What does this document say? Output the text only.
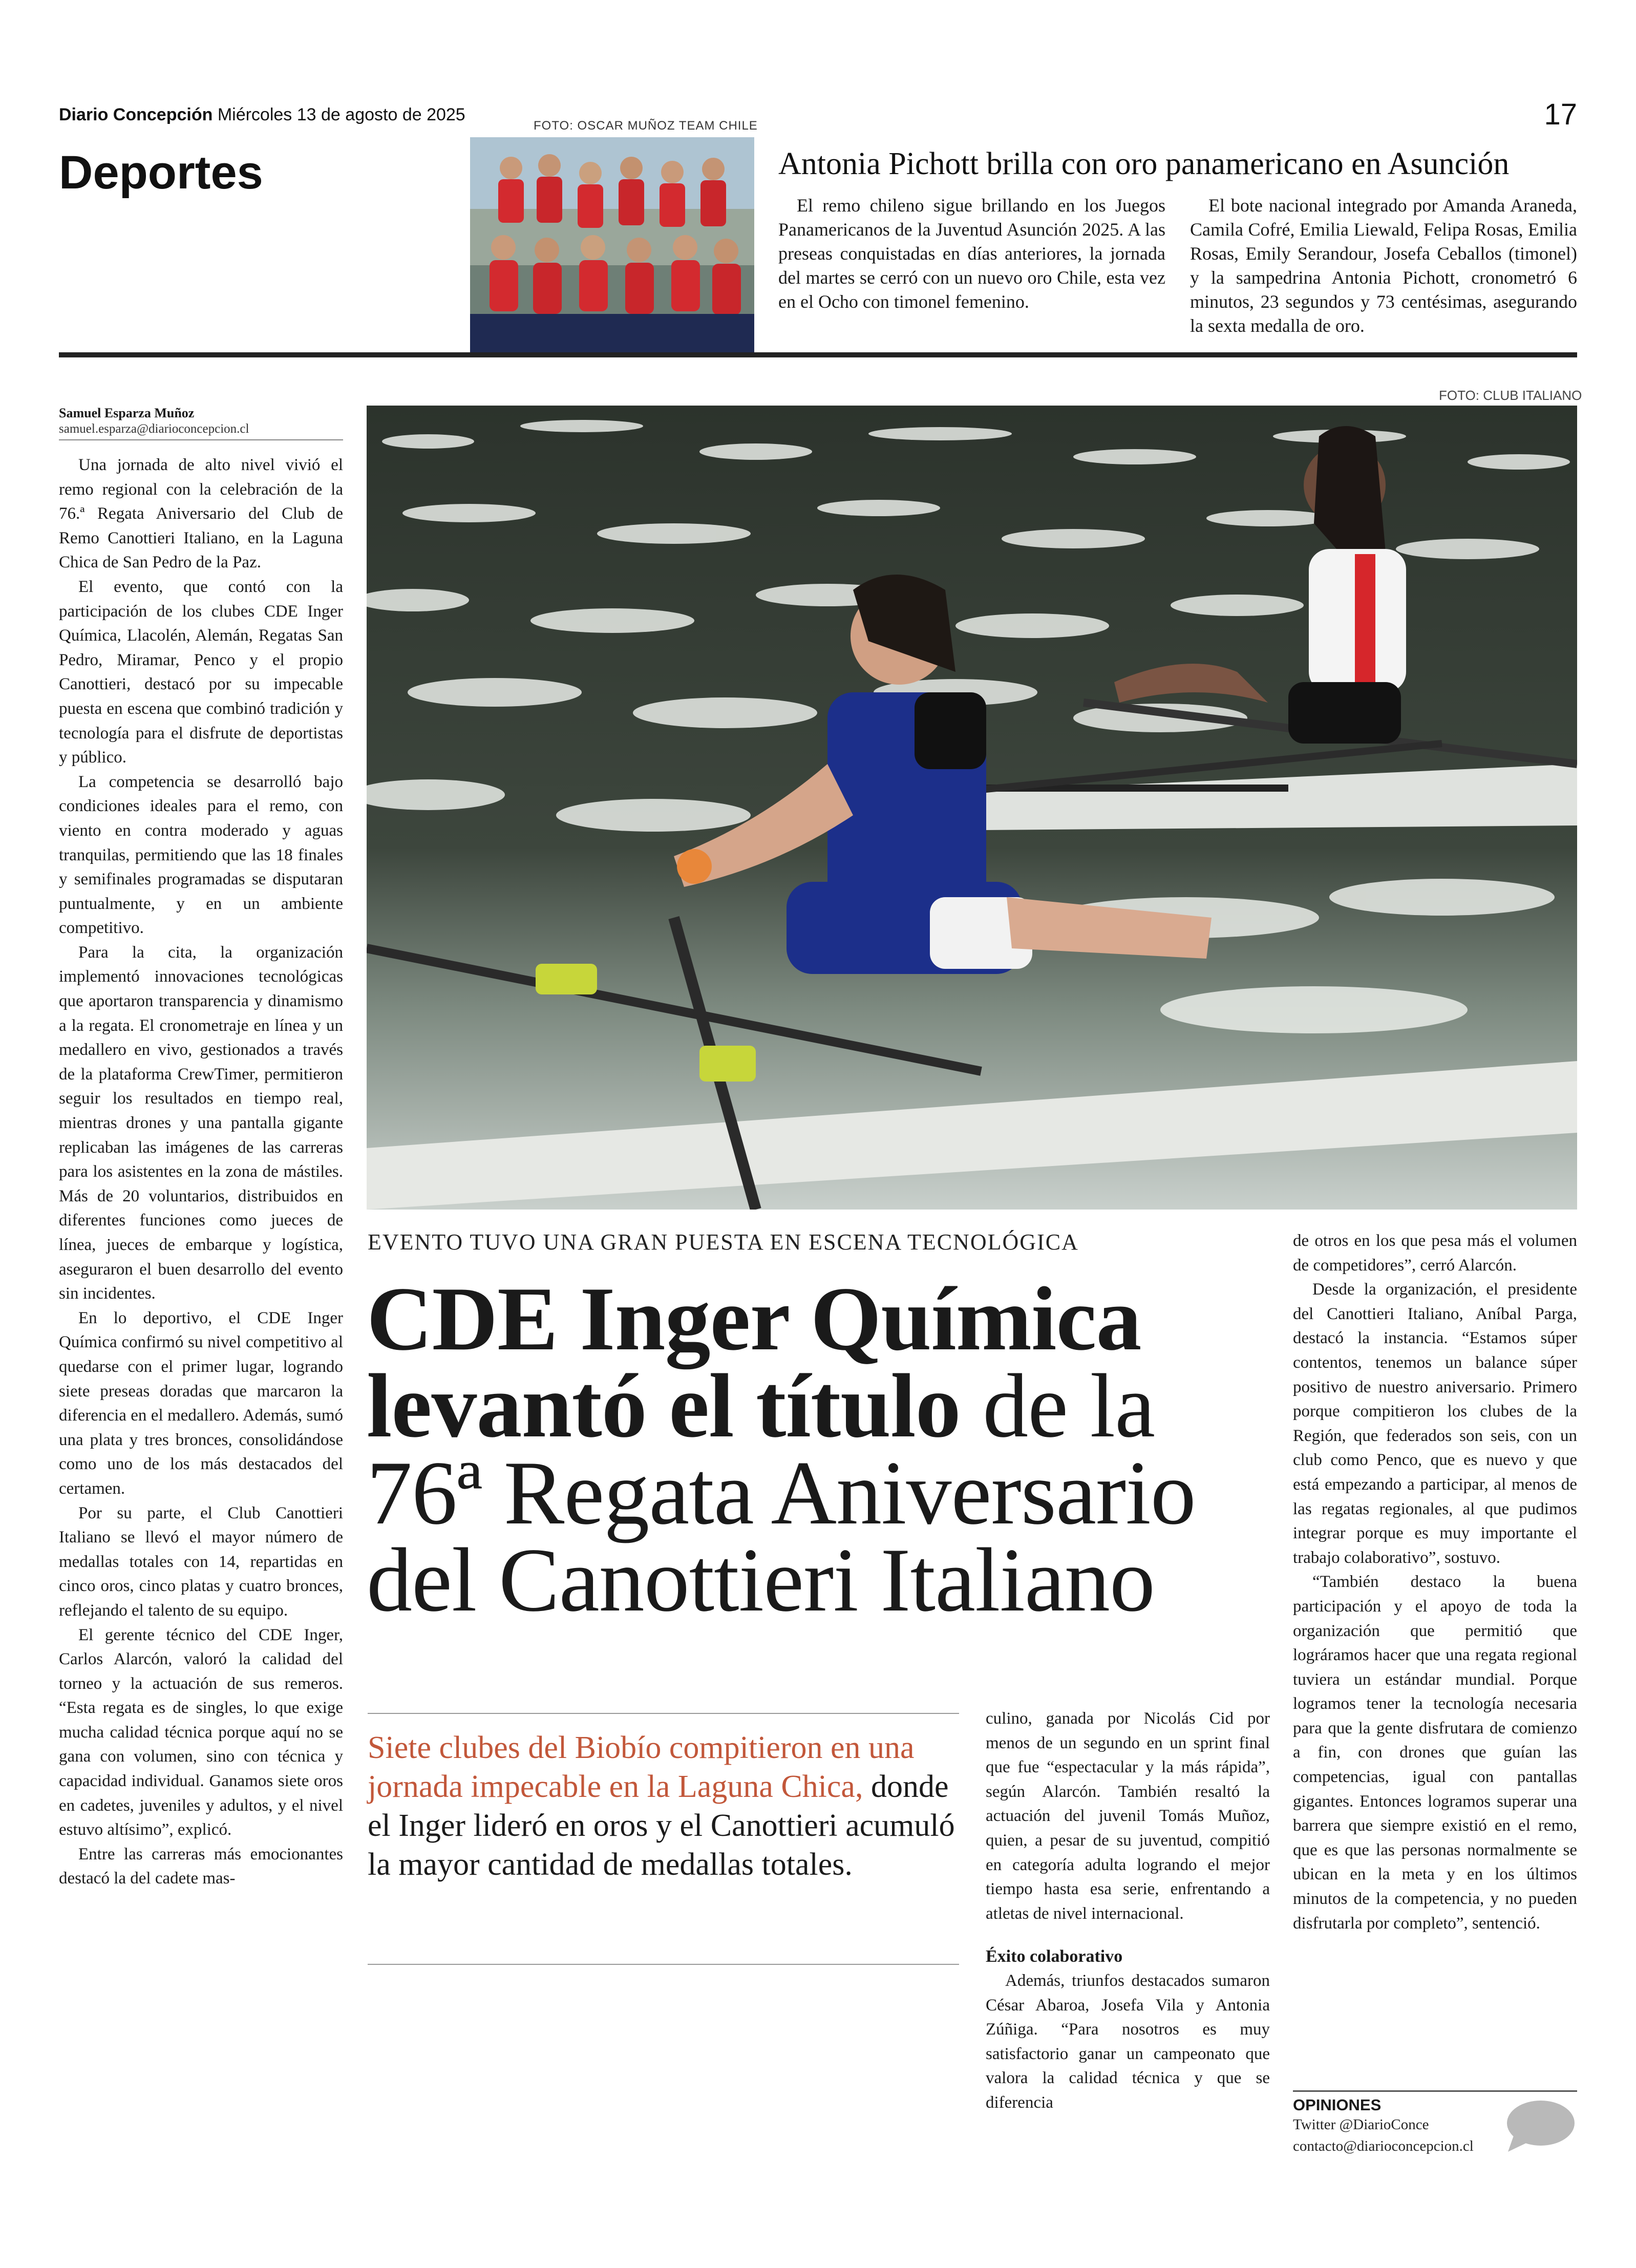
Diario Concepción Miércoles 13 de agosto de 2025
Deportes
17
FOTO: OSCAR MUÑOZ TEAM CHILE
Antonia Pichott brilla con oro panamericano en Asunción

El remo chileno sigue brillando en los Juegos Panamericanos de la Juventud Asunción 2025. A las preseas conquistadas en días anteriores, la jornada del martes se cerró con un nuevo oro Chile, esta vez en el Ocho con timonel femenino.

El bote nacional integrado por Amanda Araneda, Camila Cofré, Emilia Liewald, Felipa Rosas, Emilia Rosas, Emily Serandour, Josefa Ceballos (timonel) y la sampedrina Antonia Pichott, cronometró 6 minutos, 23 segundos y 73 centésimas, asegurando la sexta medalla de oro.

Samuel Esparza Muñoz
samuel.esparza@diarioconcepcion.cl

Una jornada de alto nivel vivió el remo regional con la celebración de la 76.ª Regata Aniversario del Club de Remo Canottieri Italiano, en la Laguna Chica de San Pedro de la Paz.

El evento, que contó con la participación de los clubes CDE Inger Química, Llacolén, Alemán, Regatas San Pedro, Miramar, Penco y el propio Canottieri, destacó por su impecable puesta en escena que combinó tradición y tecnología para el disfrute de deportistas y público.

La competencia se desarrolló bajo condiciones ideales para el remo, con viento en contra moderado y aguas tranquilas, permitiendo que las 18 finales y semifinales programadas se disputaran puntualmente, y en un ambiente competitivo.

Para la cita, la organización implementó innovaciones tecnológicas que aportaron transparencia y dinamismo a la regata. El cronometraje en línea y un medallero en vivo, gestionados a través de la plataforma CrewTimer, permitieron seguir los resultados en tiempo real, mientras drones y una pantalla gigante replicaban las imágenes de las carreras para los asistentes en la zona de mástiles. Más de 20 voluntarios, distribuidos en diferentes funciones como jueces de línea, jueces de embarque y logística, aseguraron el buen desarrollo del evento sin incidentes.

En lo deportivo, el CDE Inger Química confirmó su nivel competitivo al quedarse con el primer lugar, logrando siete preseas doradas que marcaron la diferencia en el medallero. Además, sumó una plata y tres bronces, consolidándose como uno de los más destacados del certamen.

Por su parte, el Club Canottieri Italiano se llevó el mayor número de medallas totales con 14, repartidas en cinco oros, cinco platas y cuatro bronces, reflejando el talento de su equipo.

El gerente técnico del CDE Inger, Carlos Alarcón, valoró la calidad del torneo y la actuación de sus remeros. “Esta regata es de singles, lo que exige mucha calidad técnica porque aquí no se gana con volumen, sino con técnica y capacidad individual. Ganamos siete oros en cadetes, juveniles y adultos, y el nivel estuvo altísimo”, explicó.

Entre las carreras más emocionantes destacó la del cadete mas-

FOTO: CLUB ITALIANO
EVENTO TUVO UNA GRAN PUESTA EN ESCENA TECNOLÓGICA
CDE Inger Química
levantó el título de la
76ª Regata Aniversario
del Canottieri Italiano
Siete clubes del Biobío compitieron en una jornada impecable en la Laguna Chica, donde el Inger lideró en oros y el Canottieri acumuló la mayor cantidad de medallas totales.

culino, ganada por Nicolás Cid por menos de un segundo en un sprint final que fue “espectacular y la más rápida”, según Alarcón. También resaltó la actuación del juvenil Tomás Muñoz, quien, a pesar de su juventud, compitió en categoría adulta logrando el mejor tiempo hasta esa serie, enfrentando a atletas de nivel internacional.

Éxito colaborativo

Además, triunfos destacados sumaron César Abaroa, Josefa Vila y Antonia Zúñiga. “Para nosotros es muy satisfactorio ganar un campeonato que valora la calidad técnica y que se diferencia

de otros en los que pesa más el volumen de competidores”, cerró Alarcón.

Desde la organización, el presidente del Canottieri Italiano, Aníbal Parga, destacó la instancia. “Estamos súper contentos, tenemos un balance súper positivo de nuestro aniversario. Primero porque compitieron los clubes de la Región, que federados son seis, con un club como Penco, que es nuevo y que está empezando a participar, al menos de las regatas regionales, al que pudimos integrar porque es muy importante el trabajo colaborativo”, sostuvo.

“También destaco la buena participación y el apoyo de toda la organización que permitió que lográramos hacer que una regata regional tuviera un estándar mundial. Porque logramos tener la tecnología necesaria para que la gente disfrutara de comienzo a fin, con drones que guían las competencias, igual con pantallas gigantes. Entonces logramos superar una barrera que siempre existió en el remo, que es que las personas normalmente se ubican en la meta y en los últimos minutos de la competencia, y no pueden disfrutarla por completo”, sentenció.

OPINIONES
Twitter @DiarioConce
contacto@diarioconcepcion.cl
